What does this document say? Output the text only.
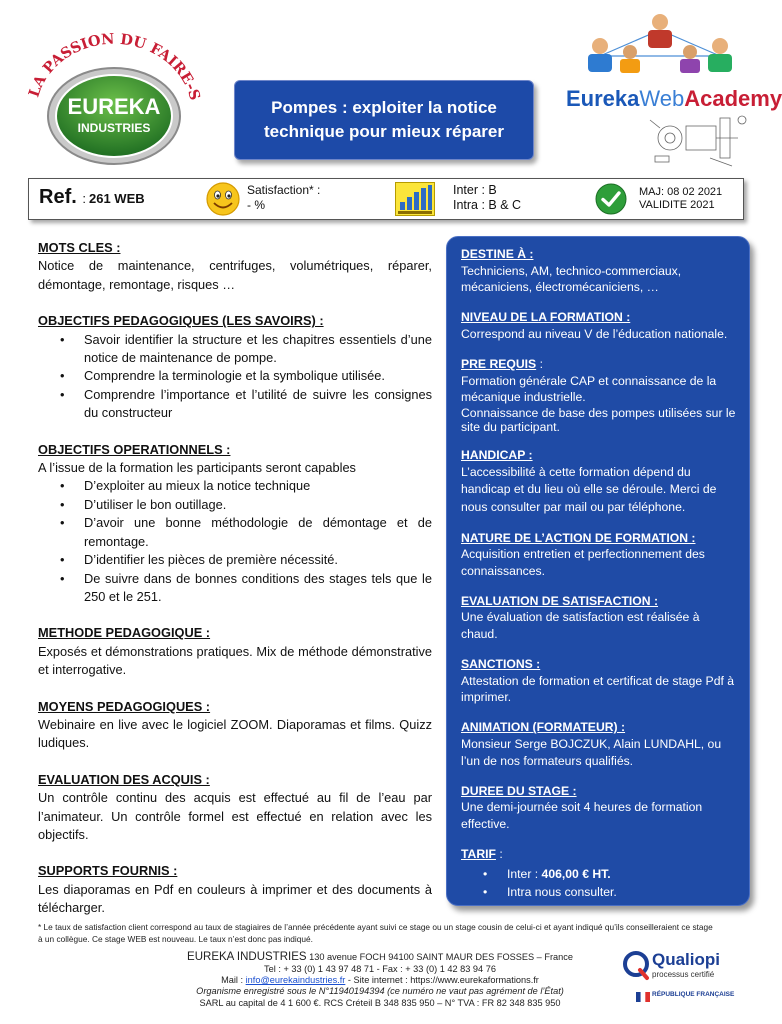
LA PASSION DU FAIRE-S
EUREKA
INDUSTRIES
Pompes : exploiter la notice technique pour mieux réparer
EurekaWebAcademy
Ref. : 261 WEB
Satisfaction* :
- %
Inter : B
Intra : B & C
MAJ: 08 02 2021
VALIDITE 2021
MOTS CLES :
Notice de maintenance, centrifuges, volumétriques, réparer, démontage, remontage, risques …
OBJECTIFS PEDAGOGIQUES (LES SAVOIRS) :
• Savoir identifier la structure et les chapitres essentiels d’une notice de maintenance de pompe.
• Comprendre la terminologie et la symbolique utilisée.
• Comprendre l’importance et l’utilité de suivre les consignes du constructeur
OBJECTIFS OPERATIONNELS :
A l’issue de la formation les participants seront capables
• D’exploiter au mieux la notice technique
• D’utiliser le bon outillage.
• D’avoir une bonne méthodologie de démontage et de remontage.
• D’identifier les pièces de première nécessité.
• De suivre dans de bonnes conditions des stages tels que le 250 et le 251.
METHODE PEDAGOGIQUE :
Exposés et démonstrations pratiques. Mix de méthode démonstrative et interrogative.
MOYENS PEDAGOGIQUES :
Webinaire en live avec le logiciel ZOOM. Diaporamas et films. Quizz ludiques.
EVALUATION DES ACQUIS :
Un contrôle continu des acquis est effectué au fil de l’eau par l’animateur. Un contrôle formel est effectué en relation avec les objectifs.
SUPPORTS FOURNIS :
Les diaporamas en Pdf en couleurs à imprimer et des documents à télécharger.
DESTINE À :
Techniciens, AM, technico-commerciaux, mécaniciens, électromécaniciens, …
NIVEAU DE LA FORMATION :
Correspond au niveau V de l’éducation nationale.
PRE REQUIS :
Formation générale CAP et connaissance de la mécanique industrielle.
Connaissance de base des pompes utilisées sur le site du participant.
HANDICAP :
L’accessibilité à cette formation dépend du handicap et du lieu où elle se déroule. Merci de nous consulter par mail ou par téléphone.
NATURE DE L’ACTION DE FORMATION :
Acquisition entretien et perfectionnement des connaissances.
EVALUATION DE SATISFACTION :
Une évaluation de satisfaction est réalisée à chaud.
SANCTIONS :
Attestation de formation et certificat de stage Pdf à imprimer.
ANIMATION (FORMATEUR) :
Monsieur Serge BOJCZUK, Alain LUNDAHL, ou l’un de nos formateurs qualifiés.
DUREE DU STAGE :
Une demi-journée soit 4 heures de formation effective.
TARIF :
• Inter : 406,00 € HT.
• Intra nous consulter.
* Le taux de satisfaction client correspond au taux de stagiaires de l’année précédente ayant suivi ce stage ou un stage cousin de celui-ci et ayant indiqué qu’ils conseilleraient ce stage à un collègue. Ce stage WEB est nouveau. Le taux n’est donc pas indiqué.
EUREKA INDUSTRIES 130 avenue FOCH 94100 SAINT MAUR DES FOSSES – France
Tel : + 33 (0) 1 43 97 48 71 - Fax : + 33 (0) 1 42 83 94 76
Mail : info@eurekaindustries.fr - Site internet : https://www.eurekaformations.fr
Organisme enregistré sous le N°11940194394 (ce numéro ne vaut pas agrément de l’État)
SARL au capital de 4 1 600 €. RCS Créteil B 348 835 950 – N° TVA : FR 82 348 835 950
Qualiopi
processus certifié
RÉPUBLIQUE FRANÇAISE
